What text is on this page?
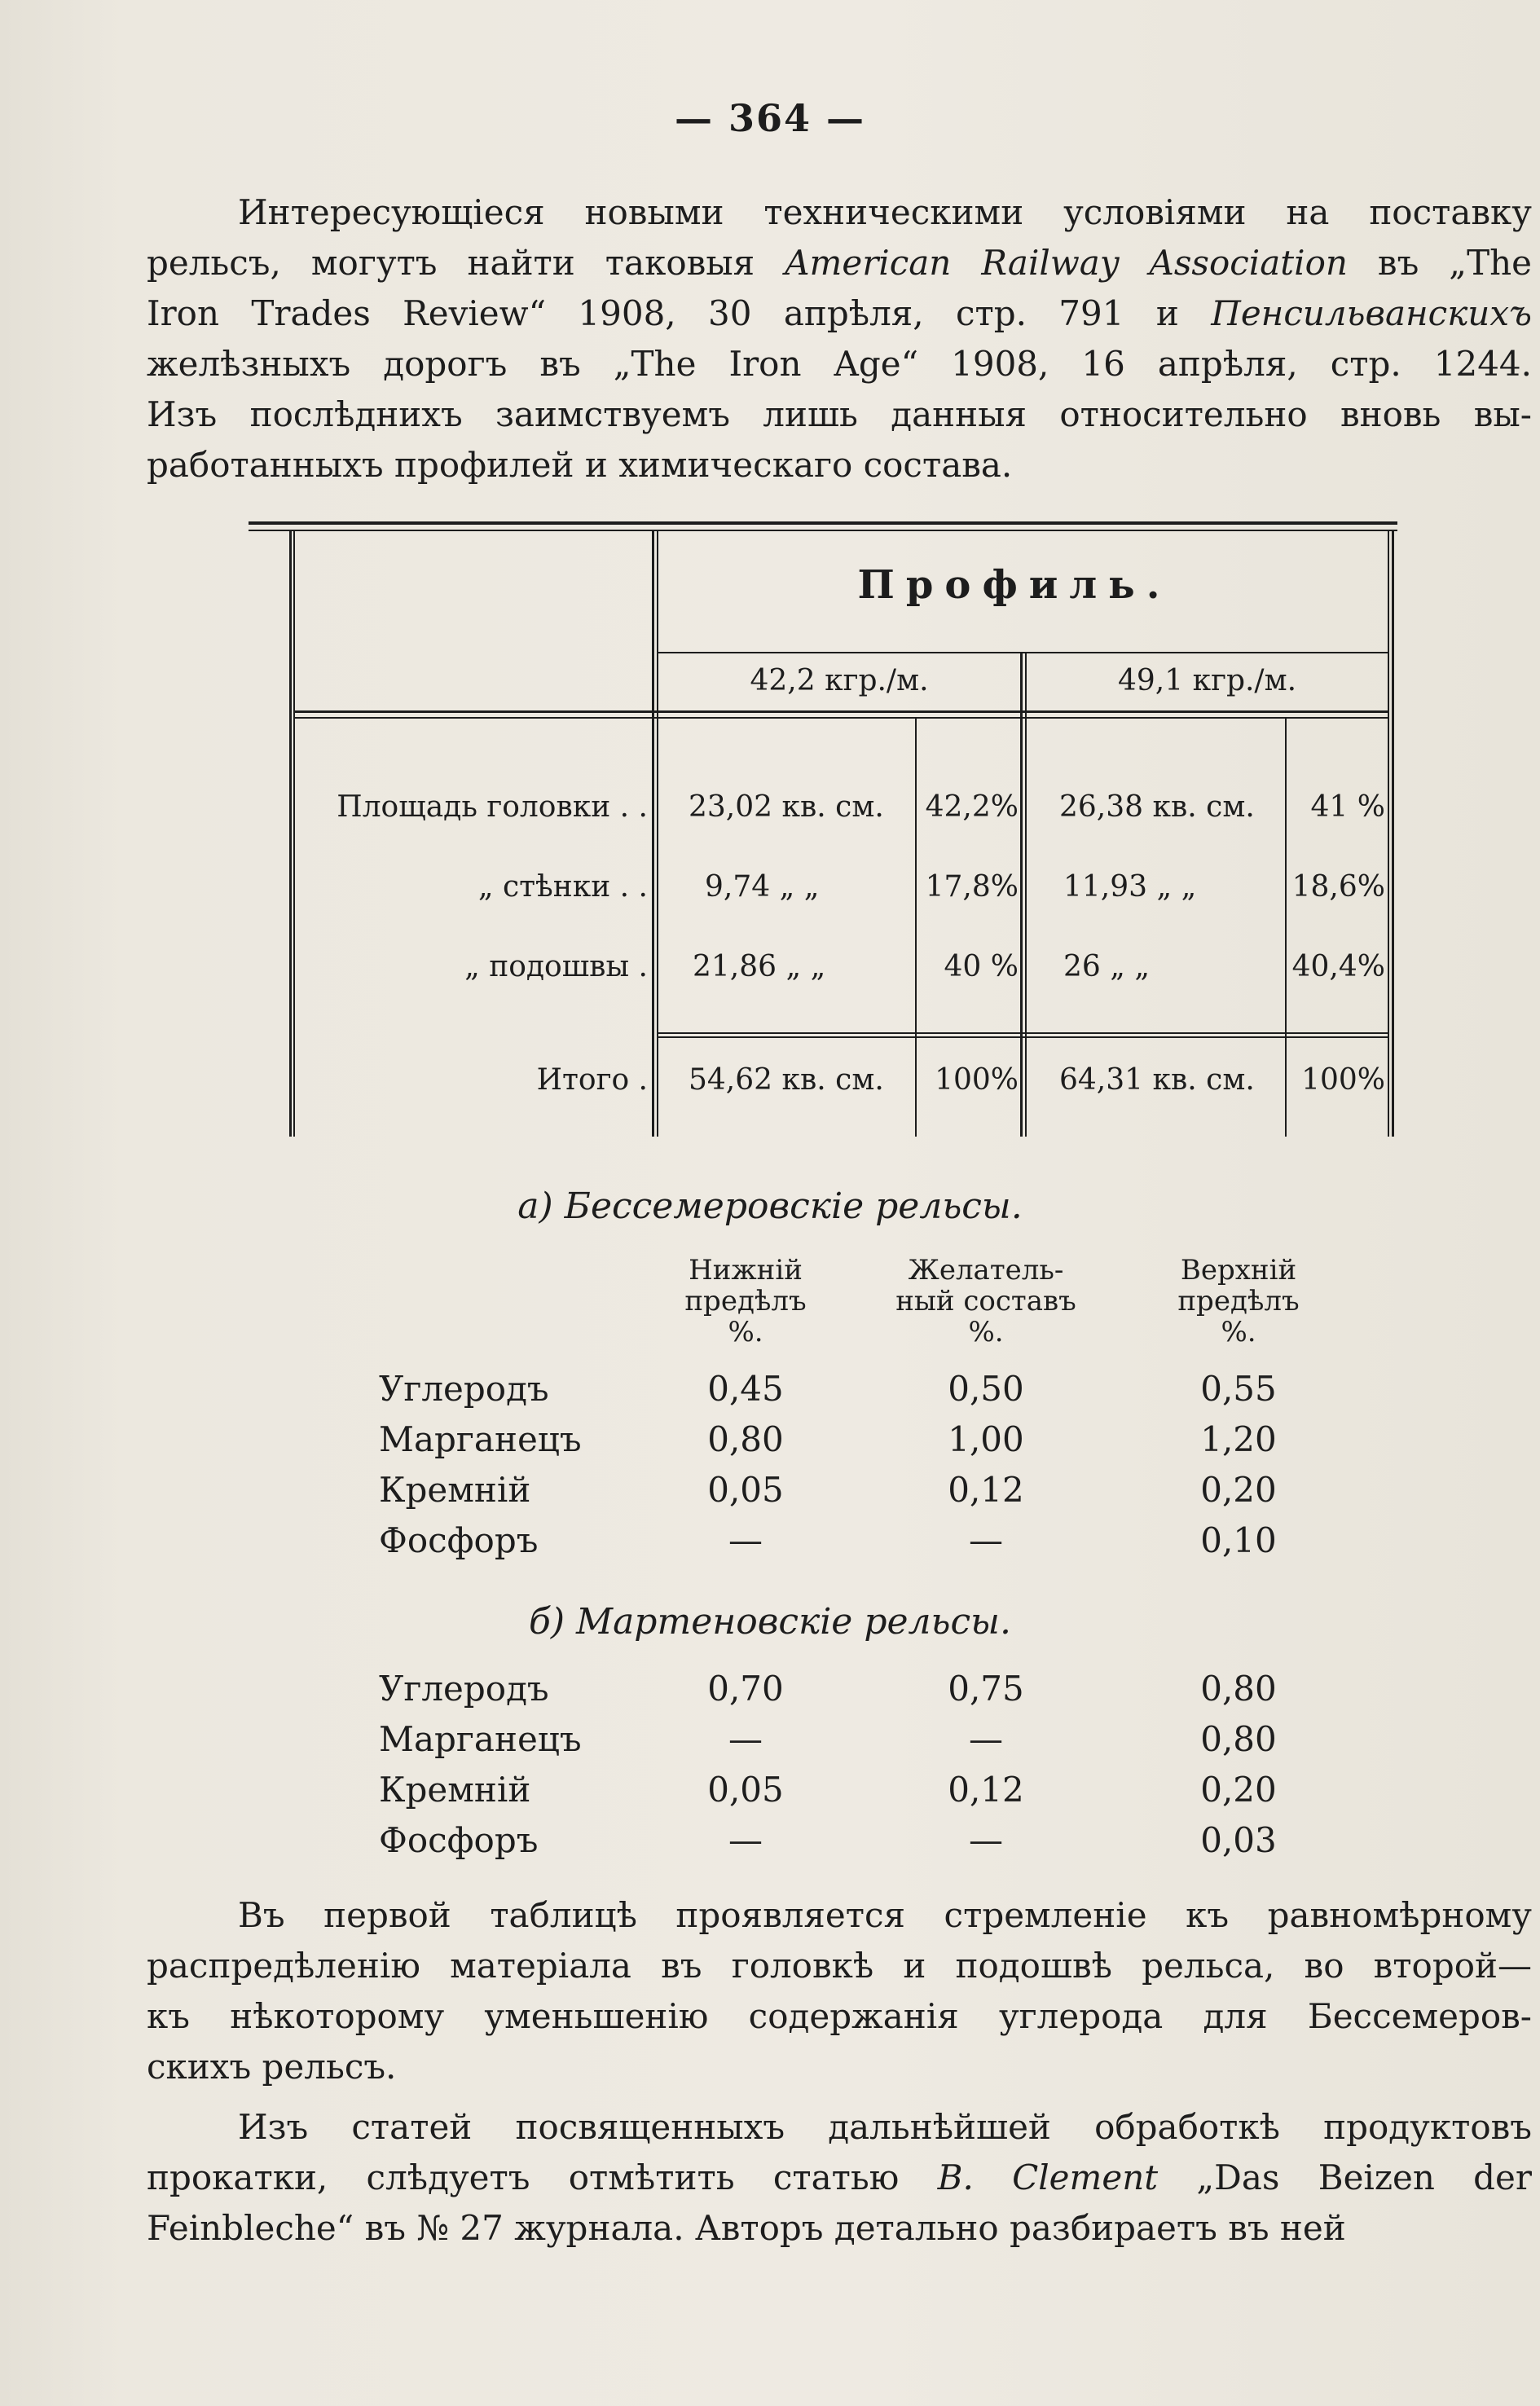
— 364 —
Интересующіеся новыми техническими условіями на поставку
рельсъ, могутъ найти таковыя American Railway Association въ „The
Iron Trades Review“ 1908, 30 апрѣля, стр. 791 и Пенсильванскихъ
желѣзныхъ дорогъ въ „The Iron Age“ 1908, 16 апрѣля, стр. 1244.
Изъ послѣднихъ заимствуемъ лишь данныя относительно вновь вы-
работанныхъ профилей и химическаго состава.
Профиль.
42,2 кгр./м.	49,1 кгр./м.
Площадь головки . . 23,02 кв. см. 42,2% 26,38 кв. см.	41 %
„ стѣнки . . 9,74 „ „	17,8% 11,93 „ „	18,6%
„ подошвы . 21,86 „ „	40 % 26 „ „	40,4%
Итого . 54,62 кв. см.	100% 64,31 кв. см.	100%
а) Бессемеровскіе рельсы.
Нижній
предѣлъ
%.
Желатель-
ный составъ
%.
Верхній
предѣлъ
%.
Углеродъ	0,45	0,50	0,55
Марганецъ	0,80	1,00	1,20
Кремній	0,05	0,12	0,20
Фосфоръ	—	—	0,10
б) Мартеновскіе рельсы.
Углеродъ	0,70	0,75	0,80
Марганецъ	—	—	0,80
Кремній	0,05	0,12	0,20
Фосфоръ	—	—	0,03
Въ первой таблицѣ проявляется стремленіе къ равномѣрному
распредѣленію матеріала въ головкѣ и подошвѣ рельса, во второй—
къ нѣкоторому уменьшенію содержанія углерода для Бессемеров-
скихъ рельсъ.
Изъ статей посвященныхъ дальнѣйшей обработкѣ продуктовъ
прокатки, слѣдуетъ отмѣтить статью B. Clement „Das Beizen der
Feinbleche“ въ № 27 журнала. Авторъ детально разбираетъ въ ней
